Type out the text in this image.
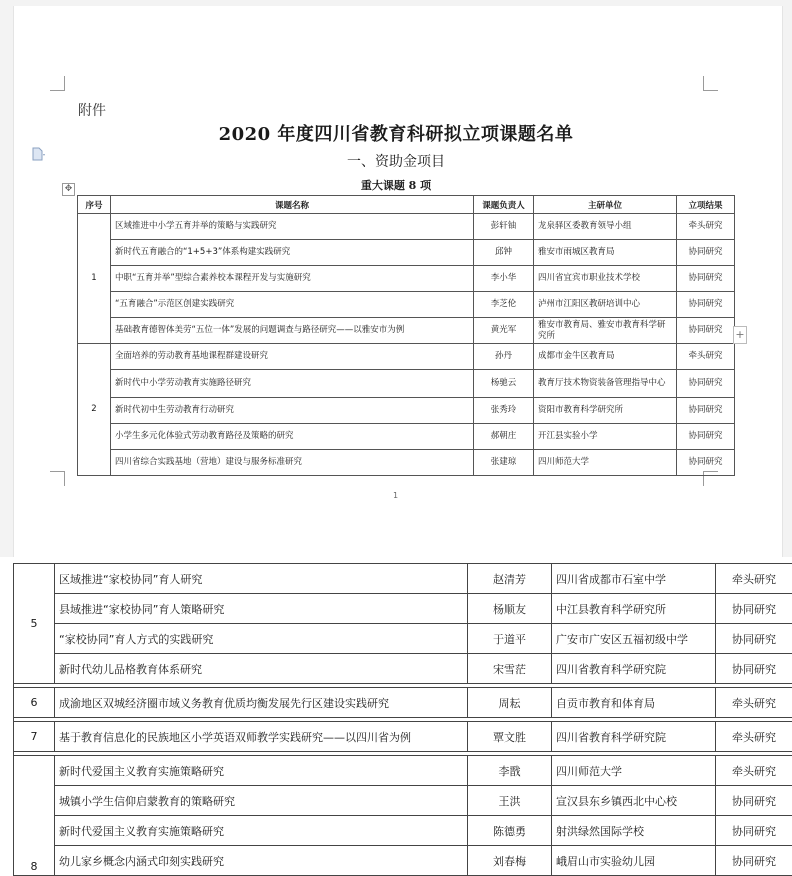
附件
2020 年度四川省教育科研拟立项课题名单
一、资助金项目
重大课题 8 项
✥
序号	课题名称	课题负责人	主研单位	立项结果
1	区域推进中小学五育并举的策略与实践研究	彭轩铀	龙泉驿区委教育领导小组	牵头研究
	新时代五育融合的“1+5+3”体系构建实践研究	邱钟	雅安市雨城区教育局	协同研究
	中职“五育并举”型综合素养校本课程开发与实施研究	李小华	四川省宜宾市职业技术学校	协同研究
	“五育融合”示范区创建实践研究	李芝伦	泸州市江阳区教研培训中心	协同研究
	基础教育德智体美劳“五位一体”发展的问题调查与路径研究——以雅安市为例	黄光军	雅安市教育局、雅安市教育科学研究所	协同研究
2	全面培养的劳动教育基地课程群建设研究	孙丹	成都市金牛区教育局	牵头研究
	新时代中小学劳动教育实施路径研究	杨驰云	教育厅技术物资装备管理指导中心	协同研究
	新时代初中生劳动教育行动研究	张秀玲	资阳市教育科学研究所	协同研究
	小学生多元化体验式劳动教育路径及策略的研究	郝朝庄	开江县实验小学	协同研究
	四川省综合实践基地（营地）建设与服务标准研究	张建琼	四川师范大学	协同研究
+
1
5	区域推进“家校协同”育人研究	赵清芳	四川省成都市石室中学	牵头研究
	县域推进“家校协同”育人策略研究	杨顺友	中江县教育科学研究所	协同研究
	“家校协同”育人方式的实践研究	于道平	广安市广安区五福初级中学	协同研究
	新时代幼儿品格教育体系研究	宋雪茫	四川省教育科学研究院	协同研究

6	成渝地区双城经济圈市域义务教育优质均衡发展先行区建设实践研究	周耘	自贡市教育和体育局	牵头研究

7	基于教育信息化的民族地区小学英语双师教学实践研究——以四川省为例	覃文胜	四川省教育科学研究院	牵头研究

8	新时代爱国主义教育实施策略研究	李戬	四川师范大学	牵头研究
	城镇小学生信仰启蒙教育的策略研究	王洪	宣汉县东乡镇西北中心校	协同研究
	新时代爱国主义教育实施策略研究	陈德勇	射洪绿然国际学校	协同研究
	幼儿家乡概念内涵式印刻实践研究	刘春梅	峨眉山市实验幼儿园	协同研究
